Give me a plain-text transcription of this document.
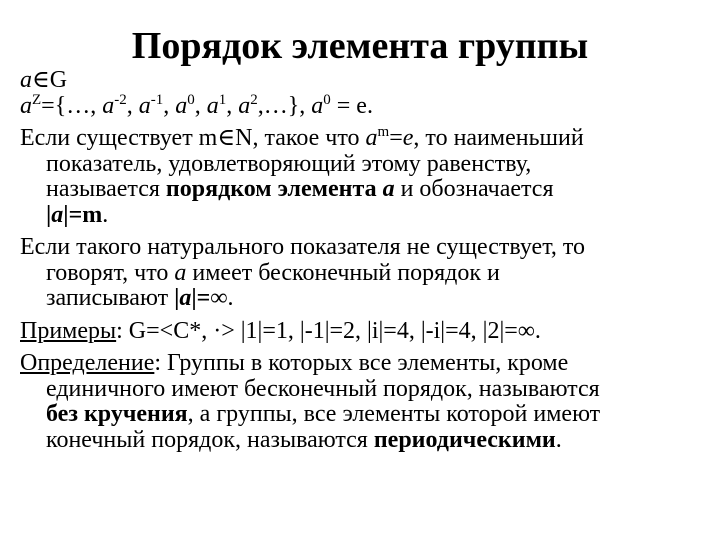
Порядок элемента группы
a∈G
$a^Z=\{\dots$, $a^{-2}$, $a^{-1}$, $a^0$, $a^1$, $a^2,\dots$}, $a^0 = e$.
Если существует m∈N, такое что $a^m=e$, то наименьший
показатель, удовлетворяющий этому равенству,
называется порядком элемента a и обозначается
|a|=m.
Если такого натурального показателя не существует, то
говорят, что a имеет бесконечный порядок и
записывают |a|=∞.
Примеры: G=<C*, ·> |1|=1, |-1|=2, |i|=4, |-i|=4, |2|=∞.
Определение: Группы в которых все элементы, кроме
единичного имеют бесконечный порядок, называются
без кручения, а группы, все элементы которой имеют
конечный порядок, называются периодическими.
